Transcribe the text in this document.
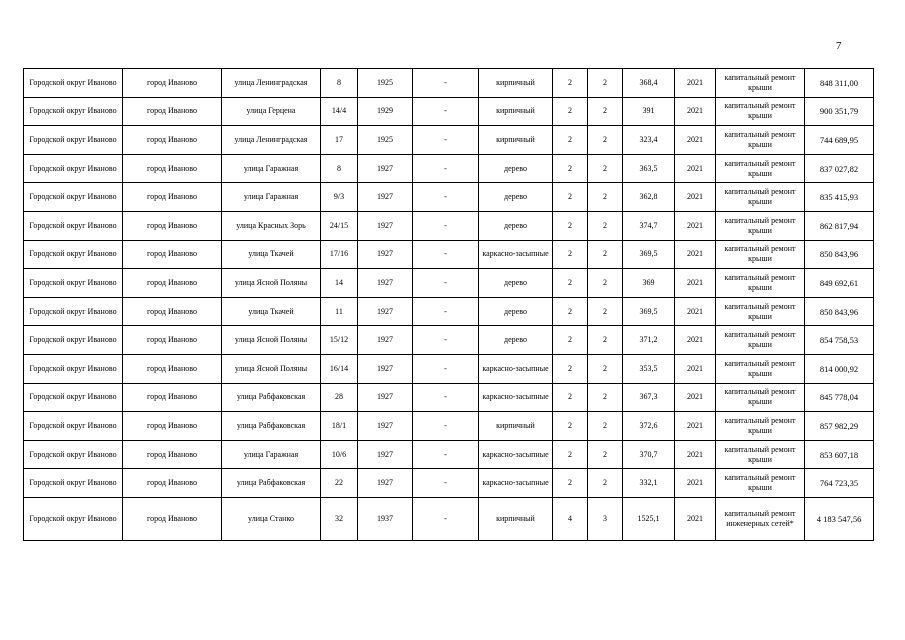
7
Городской округ Иваново	город Иваново	улица Ленинградская	8	1925	-	кирпичный	2	2	368,4	2021	капитальный ремонт крыши	848 311,00
Городской округ Иваново	город Иваново	улица Герцена	14/4	1929	-	кирпичный	2	2	391	2021	капитальный ремонт крыши	900 351,79
Городской округ Иваново	город Иваново	улица Ленинградская	17	1925	-	кирпичный	2	2	323,4	2021	капитальный ремонт крыши	744 689,95
Городской округ Иваново	город Иваново	улица Гаражная	8	1927	-	дерево	2	2	363,5	2021	капитальный ремонт крыши	837 027,82
Городской округ Иваново	город Иваново	улица Гаражная	9/3	1927	-	дерево	2	2	362,8	2021	капитальный ремонт крыши	835 415,93
Городской округ Иваново	город Иваново	улица Красных Зорь	24/15	1927	-	дерево	2	2	374,7	2021	капитальный ремонт крыши	862 817,94
Городской округ Иваново	город Иваново	улица Ткачей	17/16	1927	-	каркасно-засыпные	2	2	369,5	2021	капитальный ремонт крыши	850 843,96
Городской округ Иваново	город Иваново	улица Ясной Поляны	14	1927	-	дерево	2	2	369	2021	капитальный ремонт крыши	849 692,61
Городской округ Иваново	город Иваново	улица Ткачей	11	1927	-	дерево	2	2	369,5	2021	капитальный ремонт крыши	850 843,96
Городской округ Иваново	город Иваново	улица Ясной Поляны	15/12	1927	-	дерево	2	2	371,2	2021	капитальный ремонт крыши	854 758,53
Городской округ Иваново	город Иваново	улица Ясной Поляны	16/14	1927	-	каркасно-засыпные	2	2	353,5	2021	капитальный ремонт крыши	814 000,92
Городской округ Иваново	город Иваново	улица Рабфаковская	28	1927	-	каркасно-засыпные	2	2	367,3	2021	капитальный ремонт крыши	845 778,04
Городской округ Иваново	город Иваново	улица Рабфаковская	18/1	1927	-	кирпичный	2	2	372,6	2021	капитальный ремонт крыши	857 982,29
Городской округ Иваново	город Иваново	улица Гаражная	10/6	1927	-	каркасно-засыпные	2	2	370,7	2021	капитальный ремонт крыши	853 607,18
Городской округ Иваново	город Иваново	улица Рабфаковская	22	1927	-	каркасно-засыпные	2	2	332,1	2021	капитальный ремонт крыши	764 723,35
Городской округ Иваново	город Иваново	улица Станко	32	1937	-	кирпичный	4	3	1525,1	2021	капитальный ремонт инженерных сетей*	4 183 547,56
